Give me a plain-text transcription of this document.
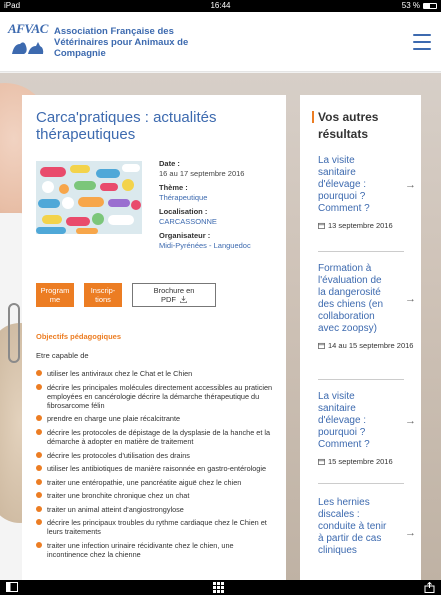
iPad	16:44	53 %
AFVAC Association Française des Vétérinaires pour Animaux de Compagnie
Carca'pratiques : actualités thérapeutiques
Date :
16 au 17 septembre 2016
Thème :
Thérapeutique
Localisation :
CARCASSONNE
Organisateur :
Midi-Pyrénées - Languedoc
Program
me
Inscrip-
tions
Brochure en
PDF
Objectifs pédagogiques
Etre capable de
utiliser les antiviraux chez le Chat et le Chien
décrire les principales molécules directement accessibles au praticien employées en cancérologie décrire la démarche thérapeutique du fibrosarcome félin
prendre en charge une plaie récalcitrante
décrire les protocoles de dépistage de la dysplasie de la hanche et la démarche à adopter en matière de traitement
décrire les protocoles d'utilisation des drains
utiliser les antibiotiques de manière raisonnée en gastro-entérologie
traiter une entéropathie, une pancréatite aiguë chez le chien
traiter une bronchite chronique chez un chat
traiter un animal atteint d'angiostrongylose
décrire les principaux troubles du rythme cardiaque chez le Chien et leurs traitements
traiter une infection urinaire récidivante chez le chien, une incontinence chez la chienne
Vos autres résultats
La visite sanitaire d'élevage : pourquoi ? Comment ?
13 septembre 2016
→
Formation à l'évaluation de la dangerosité des chiens (en collaboration avec zoopsy)
14 au 15 septembre 2016
→
La visite sanitaire d'élevage : pourquoi ? Comment ?
15 septembre 2016
→
Les hernies discales : conduite à tenir à partir de cas cliniques
→
